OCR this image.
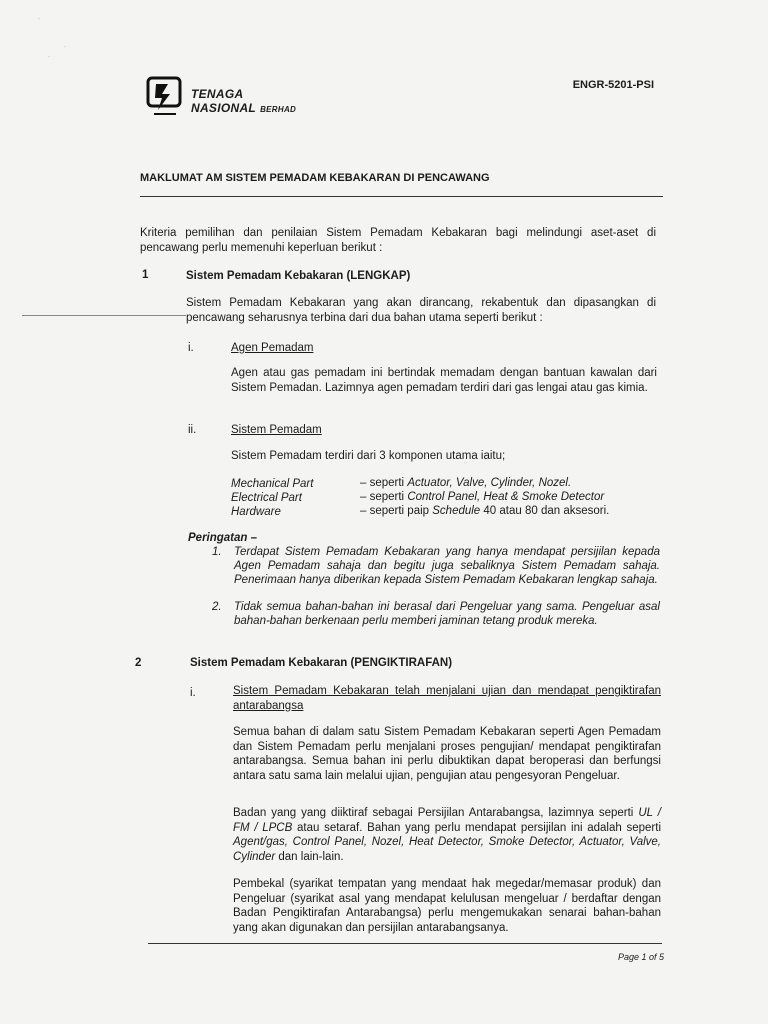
·
·
·
TENAGA
NASIONAL BERHAD
ENGR-5201-PSI
MAKLUMAT AM SISTEM PEMADAM KEBAKARAN DI PENCAWANG
Kriteria pemilihan dan penilaian Sistem Pemadam Kebakaran bagi melindungi aset-aset di pencawang perlu memenuhi keperluan berikut :
1	Sistem Pemadam Kebakaran (LENGKAP)
Sistem Pemadam Kebakaran yang akan dirancang, rekabentuk dan dipasangkan di pencawang seharusnya terbina dari dua bahan utama seperti berikut :
i.	Agen Pemadam
Agen atau gas pemadam ini bertindak memadam dengan bantuan kawalan dari Sistem Pemadan. Lazimnya agen pemadam terdiri dari gas lengai atau gas kimia.
ii.	Sistem Pemadam
Sistem Pemadam terdiri dari 3 komponen utama iaitu;
Mechanical Part	– seperti Actuator, Valve, Cylinder, Nozel.
Electrical Part	– seperti Control Panel, Heat & Smoke Detector
Hardware	– seperti paip Schedule 40 atau 80 dan aksesori.
Peringatan –
1. Terdapat Sistem Pemadam Kebakaran yang hanya mendapat persijilan kepada Agen Pemadam sahaja dan begitu juga sebaliknya Sistem Pemadam sahaja. Penerimaan hanya diberikan kepada Sistem Pemadam Kebakaran lengkap sahaja.
2. Tidak semua bahan-bahan ini berasal dari Pengeluar yang sama. Pengeluar asal bahan-bahan berkenaan perlu memberi jaminan tetang produk mereka.
2	Sistem Pemadam Kebakaran (PENGIKTIRAFAN)
i.	Sistem Pemadam Kebakaran telah menjalani ujian dan mendapat pengiktirafan antarabangsa
Semua bahan di dalam satu Sistem Pemadam Kebakaran seperti Agen Pemadam dan Sistem Pemadam perlu menjalani proses pengujian/ mendapat pengiktirafan antarabangsa. Semua bahan ini perlu dibuktikan dapat beroperasi dan berfungsi antara satu sama lain melalui ujian, pengujian atau pengesyoran Pengeluar.
Badan yang yang diiktiraf sebagai Persijilan Antarabangsa, lazimnya seperti UL / FM / LPCB atau setaraf. Bahan yang perlu mendapat persijilan ini adalah seperti Agent/gas, Control Panel, Nozel, Heat Detector, Smoke Detector, Actuator, Valve, Cylinder dan lain-lain.
Pembekal (syarikat tempatan yang mendaat hak megedar/memasar produk) dan Pengeluar (syarikat asal yang mendapat kelulusan mengeluar / berdaftar dengan Badan Pengiktirafan Antarabangsa) perlu mengemukakan senarai bahan-bahan yang akan digunakan dan persijilan antarabangsanya.
Page 1 of 5
